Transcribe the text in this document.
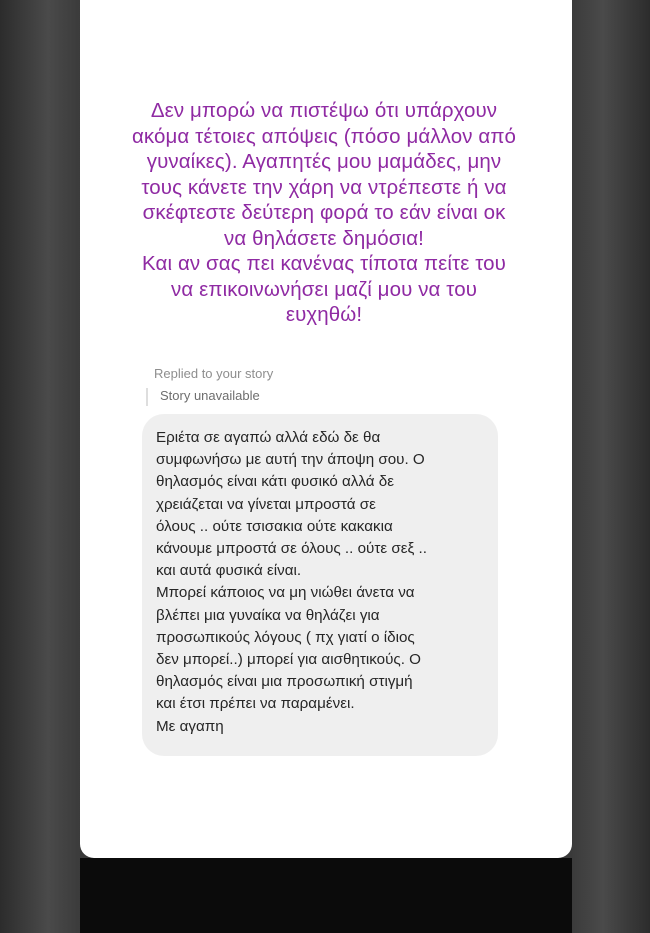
Δεν μπορώ να πιστέψω ότι υπάρχουν
ακόμα τέτοιες απόψεις (πόσο μάλλον από
γυναίκες). Αγαπητές μου μαμάδες, μην
τους κάνετε την χάρη να ντρέπεστε ή να
σκέφτεστε δεύτερη φορά το εάν είναι οκ
να θηλάσετε δημόσια!
Και αν σας πει κανένας τίποτα πείτε του
να επικοινωνήσει μαζί μου να του
ευχηθώ!

Replied to your story
Story unavailable
Εριέτα σε αγαπώ αλλά εδώ δε θα
συμφωνήσω με αυτή την άποψη σου. Ο
θηλασμός είναι κάτι φυσικό αλλά δε
χρειάζεται να γίνεται μπροστά σε
όλους .. ούτε τσισακια ούτε κακακια
κάνουμε μπροστά σε όλους .. ούτε σεξ ..
και αυτά φυσικά είναι.
Μπορεί κάποιος να μη νιώθει άνετα να
βλέπει μια γυναίκα να θηλάζει για
προσωπικούς λόγους ( πχ γιατί ο ίδιος
δεν μπορεί..) μπορεί για αισθητικούς. Ο
θηλασμός είναι μια προσωπική στιγμή
και έτσι πρέπει να παραμένει.
Με αγαπη
